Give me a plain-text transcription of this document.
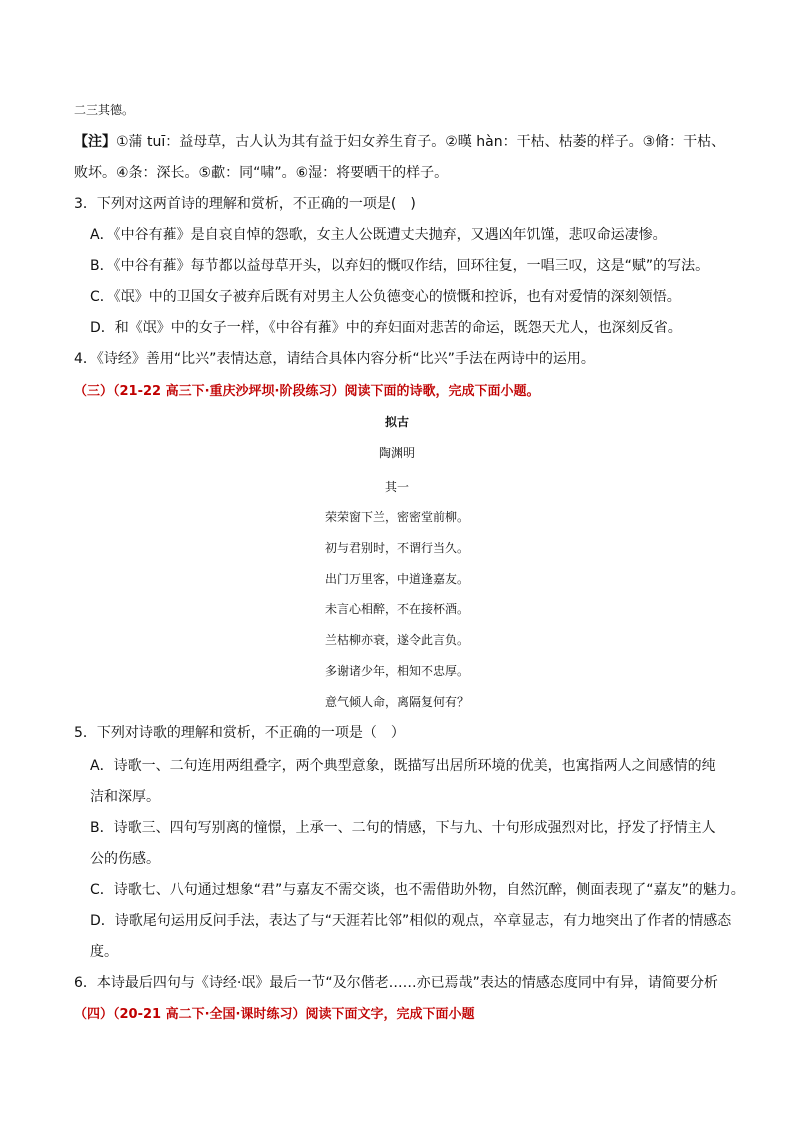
二三其德。
【注】①蒲 tuī：益母草，古人认为其有益于妇女养生育子。②暵 hàn：干枯、枯萎的样子。③脩：干枯、
败坏。④条：深长。⑤歗：同“啸”。⑥湿：将要晒干的样子。
3．下列对这两首诗的理解和赏析，不正确的一项是(　)
A．《中谷有蓷》是自哀自悼的怨歌，女主人公既遭丈夫抛弃，又遇凶年饥馑，悲叹命运凄惨。
B．《中谷有蓷》每节都以益母草开头，以弃妇的慨叹作结，回环往复，一唱三叹，这是“赋”的写法。
C．《氓》中的卫国女子被弃后既有对男主人公负德变心的愤慨和控诉，也有对爱情的深刻领悟。
D．和《氓》中的女子一样，《中谷有蓷》中的弃妇面对悲苦的命运，既怨天尤人，也深刻反省。
4．《诗经》善用“比兴”表情达意，请结合具体内容分析“比兴”手法在两诗中的运用。
（三）（21-22 高三下·重庆沙坪坝·阶段练习）阅读下面的诗歌，完成下面小题。
拟古
陶渊明
其一
荣荣窗下兰，密密堂前柳。
初与君别时，不谓行当久。
出门万里客，中道逢嘉友。
未言心相醉，不在接杯酒。
兰枯柳亦衰，遂令此言负。
多谢诸少年，相知不忠厚。
意气倾人命，离隔复何有？
5．下列对诗歌的理解和赏析，不正确的一项是（　）
A．诗歌一、二句连用两组叠字，两个典型意象，既描写出居所环境的优美，也寓指两人之间感情的纯
洁和深厚。
B．诗歌三、四句写别离的憧憬，上承一、二句的情感，下与九、十句形成强烈对比，抒发了抒情主人
公的伤感。
C．诗歌七、八句通过想象“君”与嘉友不需交谈，也不需借助外物，自然沉醉，侧面表现了“嘉友”的魅力。
D．诗歌尾句运用反问手法，表达了与“天涯若比邻”相似的观点，卒章显志，有力地突出了作者的情感态
度。
6．本诗最后四句与《诗经·氓》最后一节“及尔偕老……亦已焉哉”表达的情感态度同中有异，请简要分析
（四）（20-21 高二下·全国·课时练习）阅读下面文字，完成下面小题
